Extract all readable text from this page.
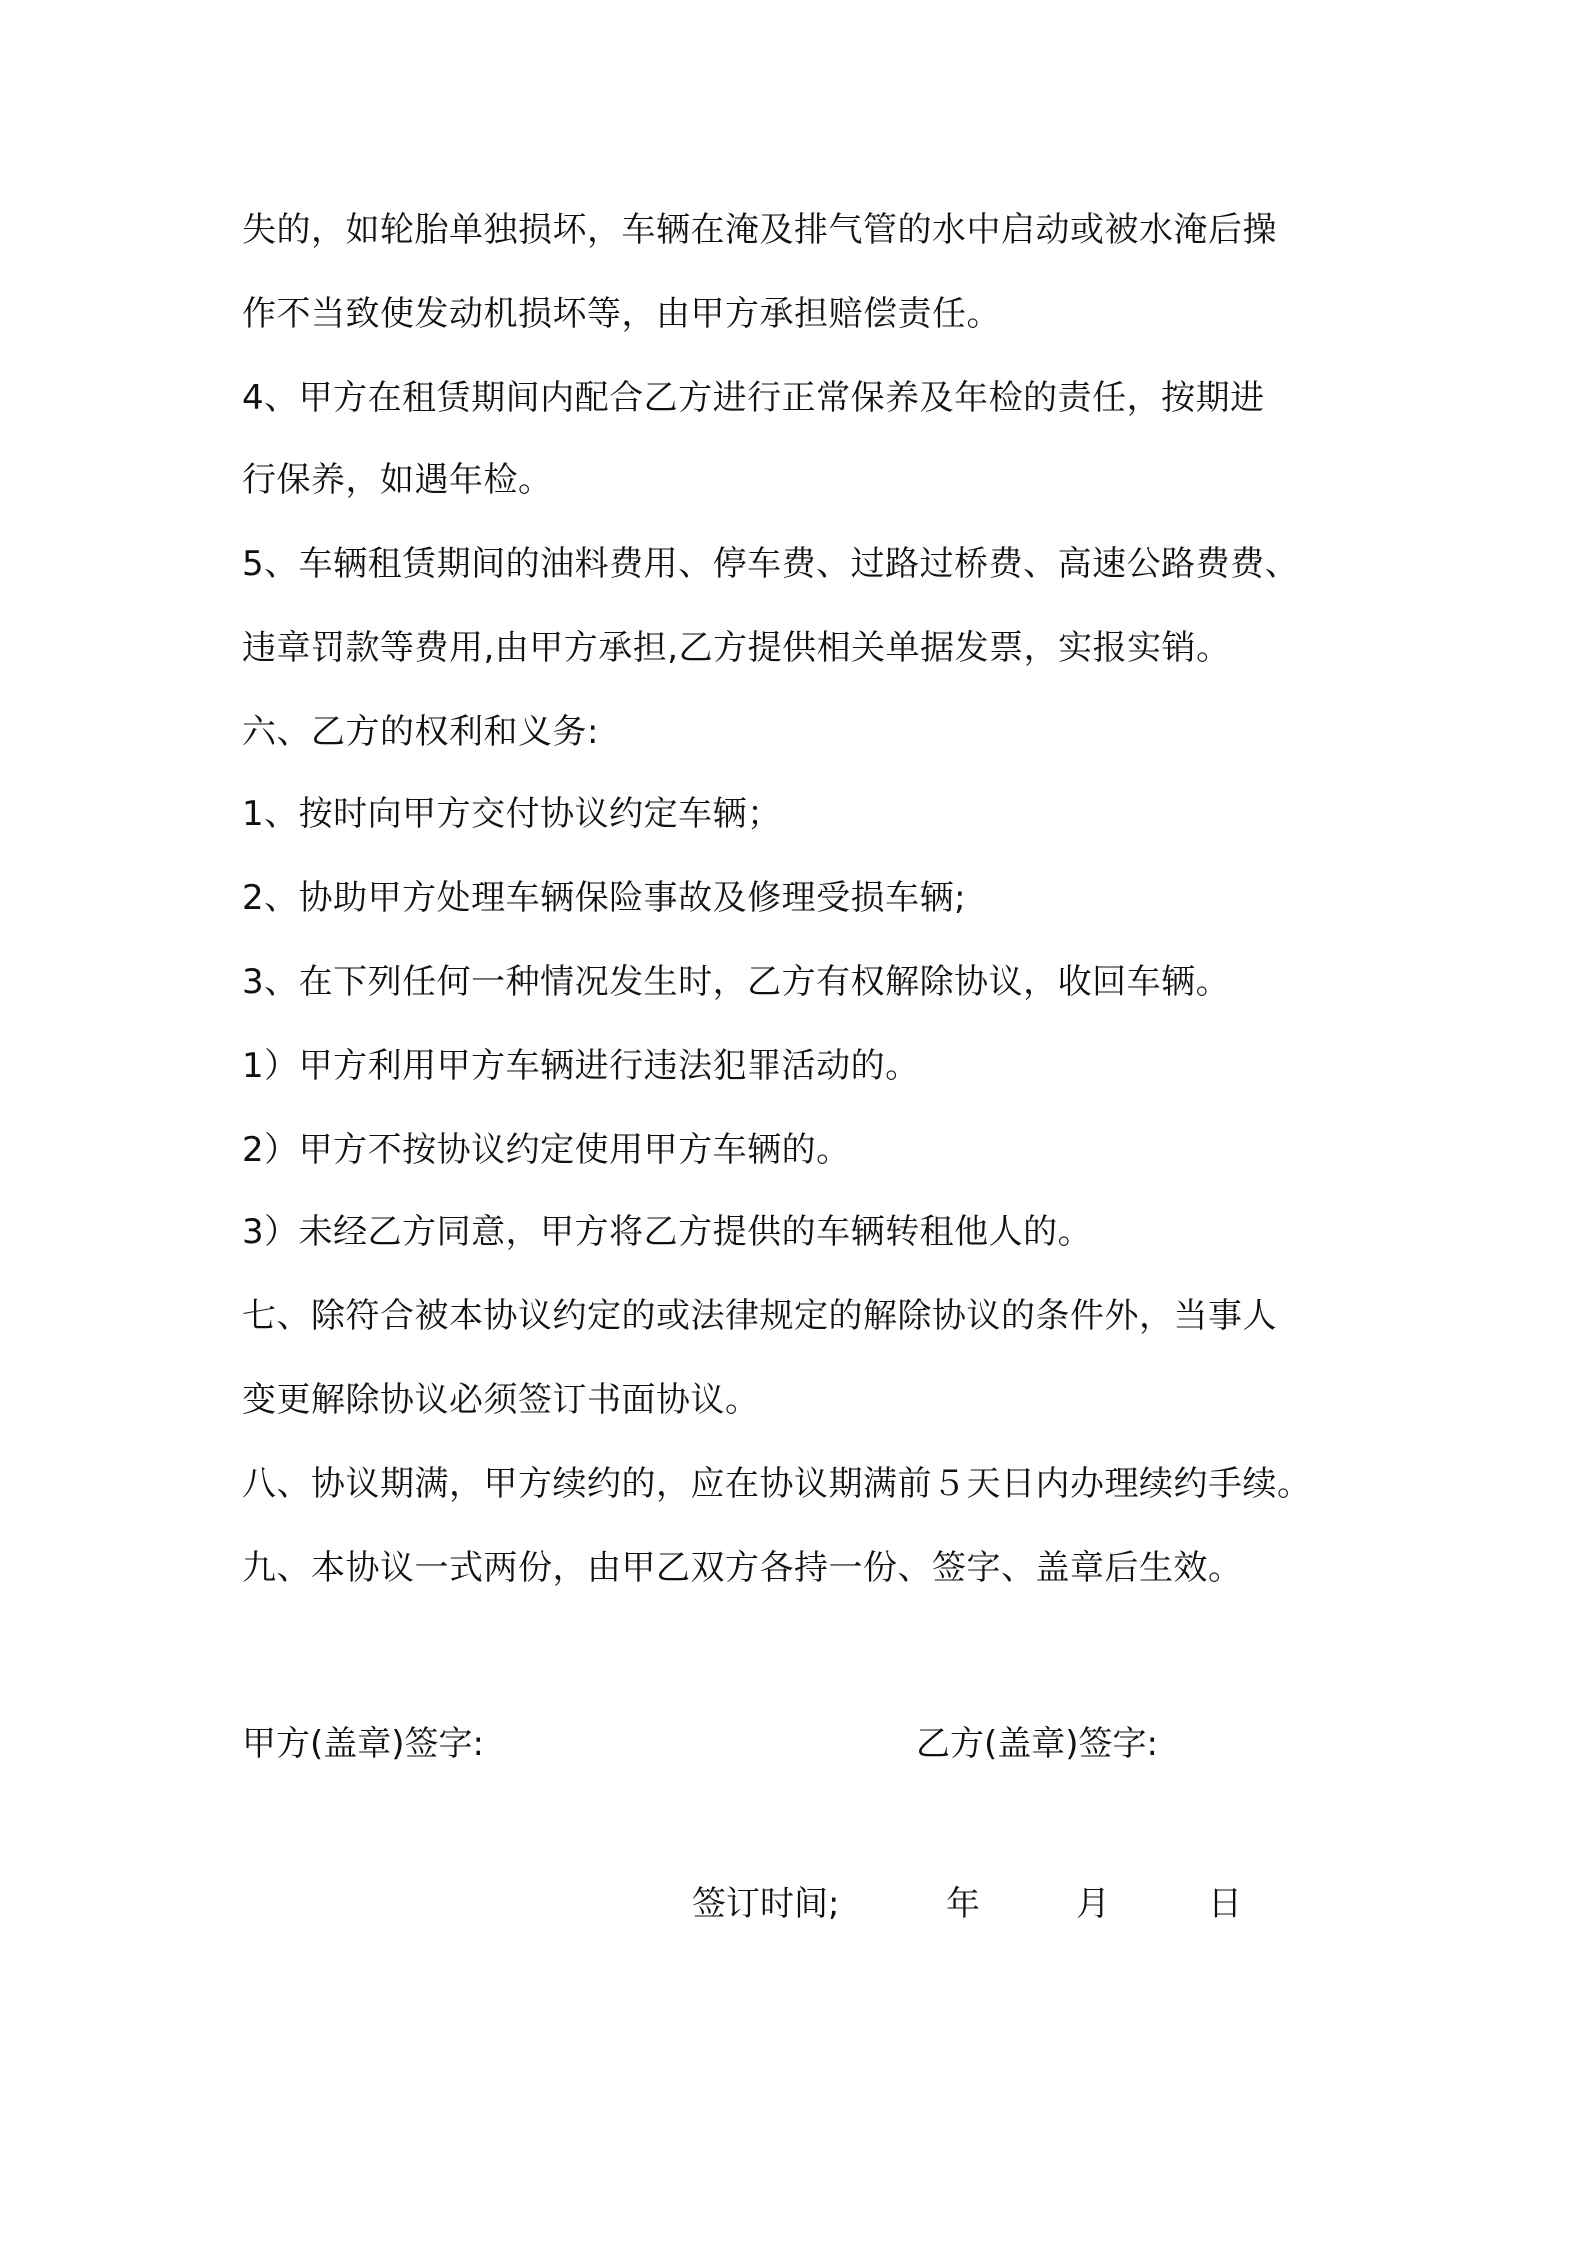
失的，如轮胎单独损坏，车辆在淹及排气管的水中启动或被水淹后操
作不当致使发动机损坏等，由甲方承担赔偿责任。
4、甲方在租赁期间内配合乙方进行正常保养及年检的责任，按期进
行保养，如遇年检。
5、车辆租赁期间的油料费用、停车费、过路过桥费、高速公路费费、
违章罚款等费用,由甲方承担,乙方提供相关单据发票，实报实销。
六、乙方的权利和义务:
1、按时向甲方交付协议约定车辆；
2、协助甲方处理车辆保险事故及修理受损车辆;
3、在下列任何一种情况发生时，乙方有权解除协议，收回车辆。
1）甲方利用甲方车辆进行违法犯罪活动的。
2）甲方不按协议约定使用甲方车辆的。
3）未经乙方同意，甲方将乙方提供的车辆转租他人的。
七、除符合被本协议约定的或法律规定的解除协议的条件外，当事人
变更解除协议必须签订书面协议。
八、协议期满，甲方续约的，应在协议期满前５天日内办理续约手续。
九、本协议一式两份，由甲乙双方各持一份、签字、盖章后生效。
甲方(盖章)签字:	乙方(盖章)签字:
签订时间;	年	月	日
